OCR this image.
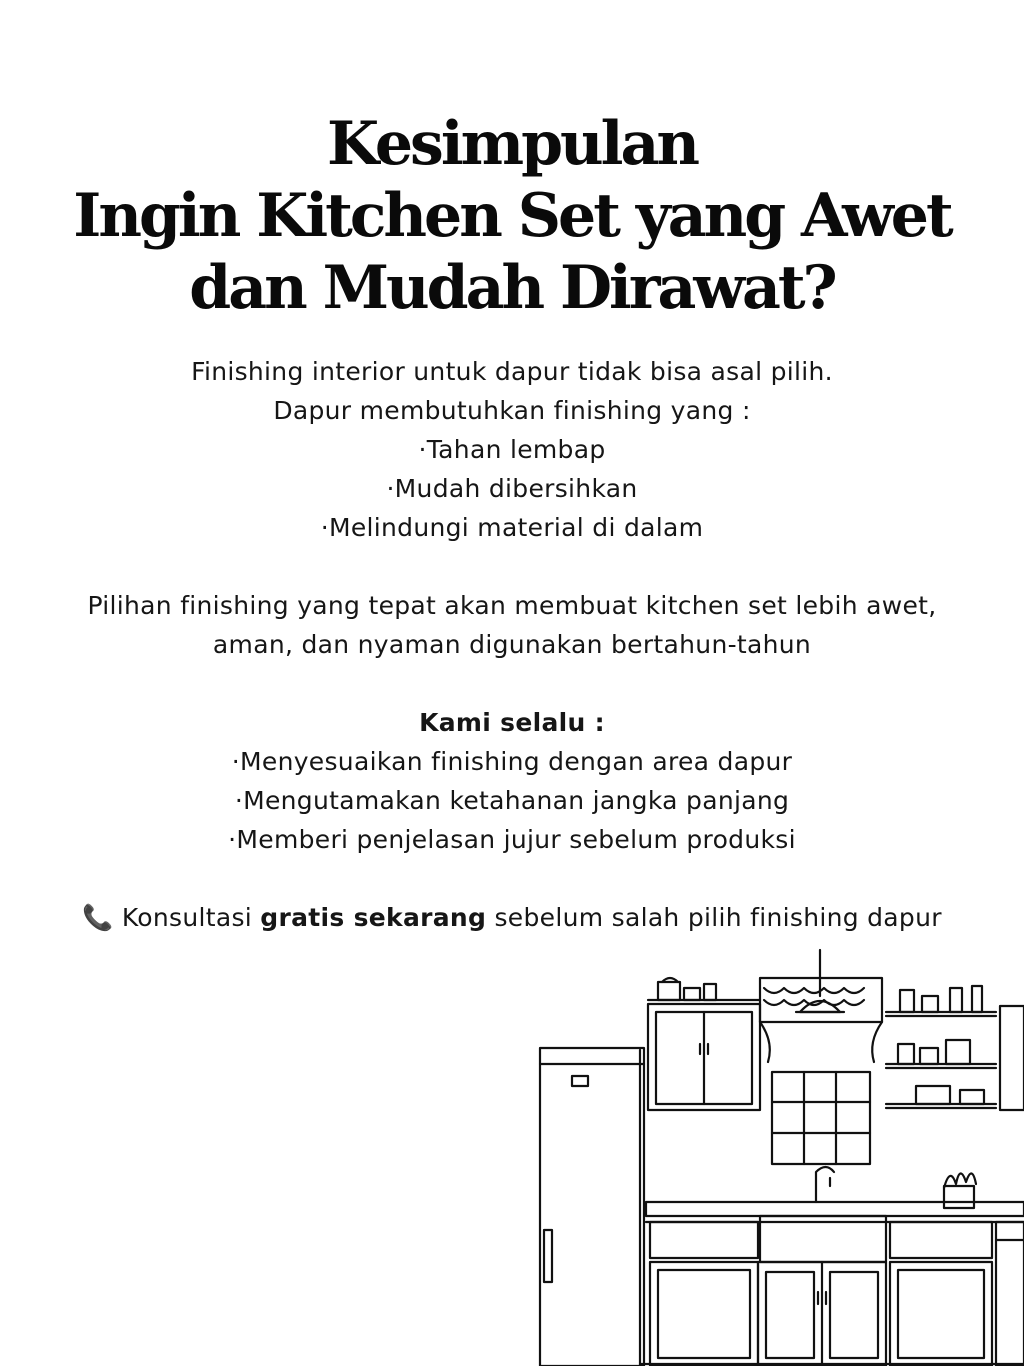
Kesimpulan
Ingin Kitchen Set yang Awet
dan Mudah Dirawat?

Finishing interior untuk dapur tidak bisa asal pilih.

Dapur membutuhkan finishing yang :

·Tahan lembap

·Mudah dibersihkan

·Melindungi material di dalam

Pilihan finishing yang tepat akan membuat kitchen set lebih awet,

aman, dan nyaman digunakan bertahun-tahun

Kami selalu :

·Menyesuaikan finishing dengan area dapur

·Mengutamakan ketahanan jangka panjang

·Memberi penjelasan jujur sebelum produksi

📞 Konsultasi gratis sekarang sebelum salah pilih finishing dapur
